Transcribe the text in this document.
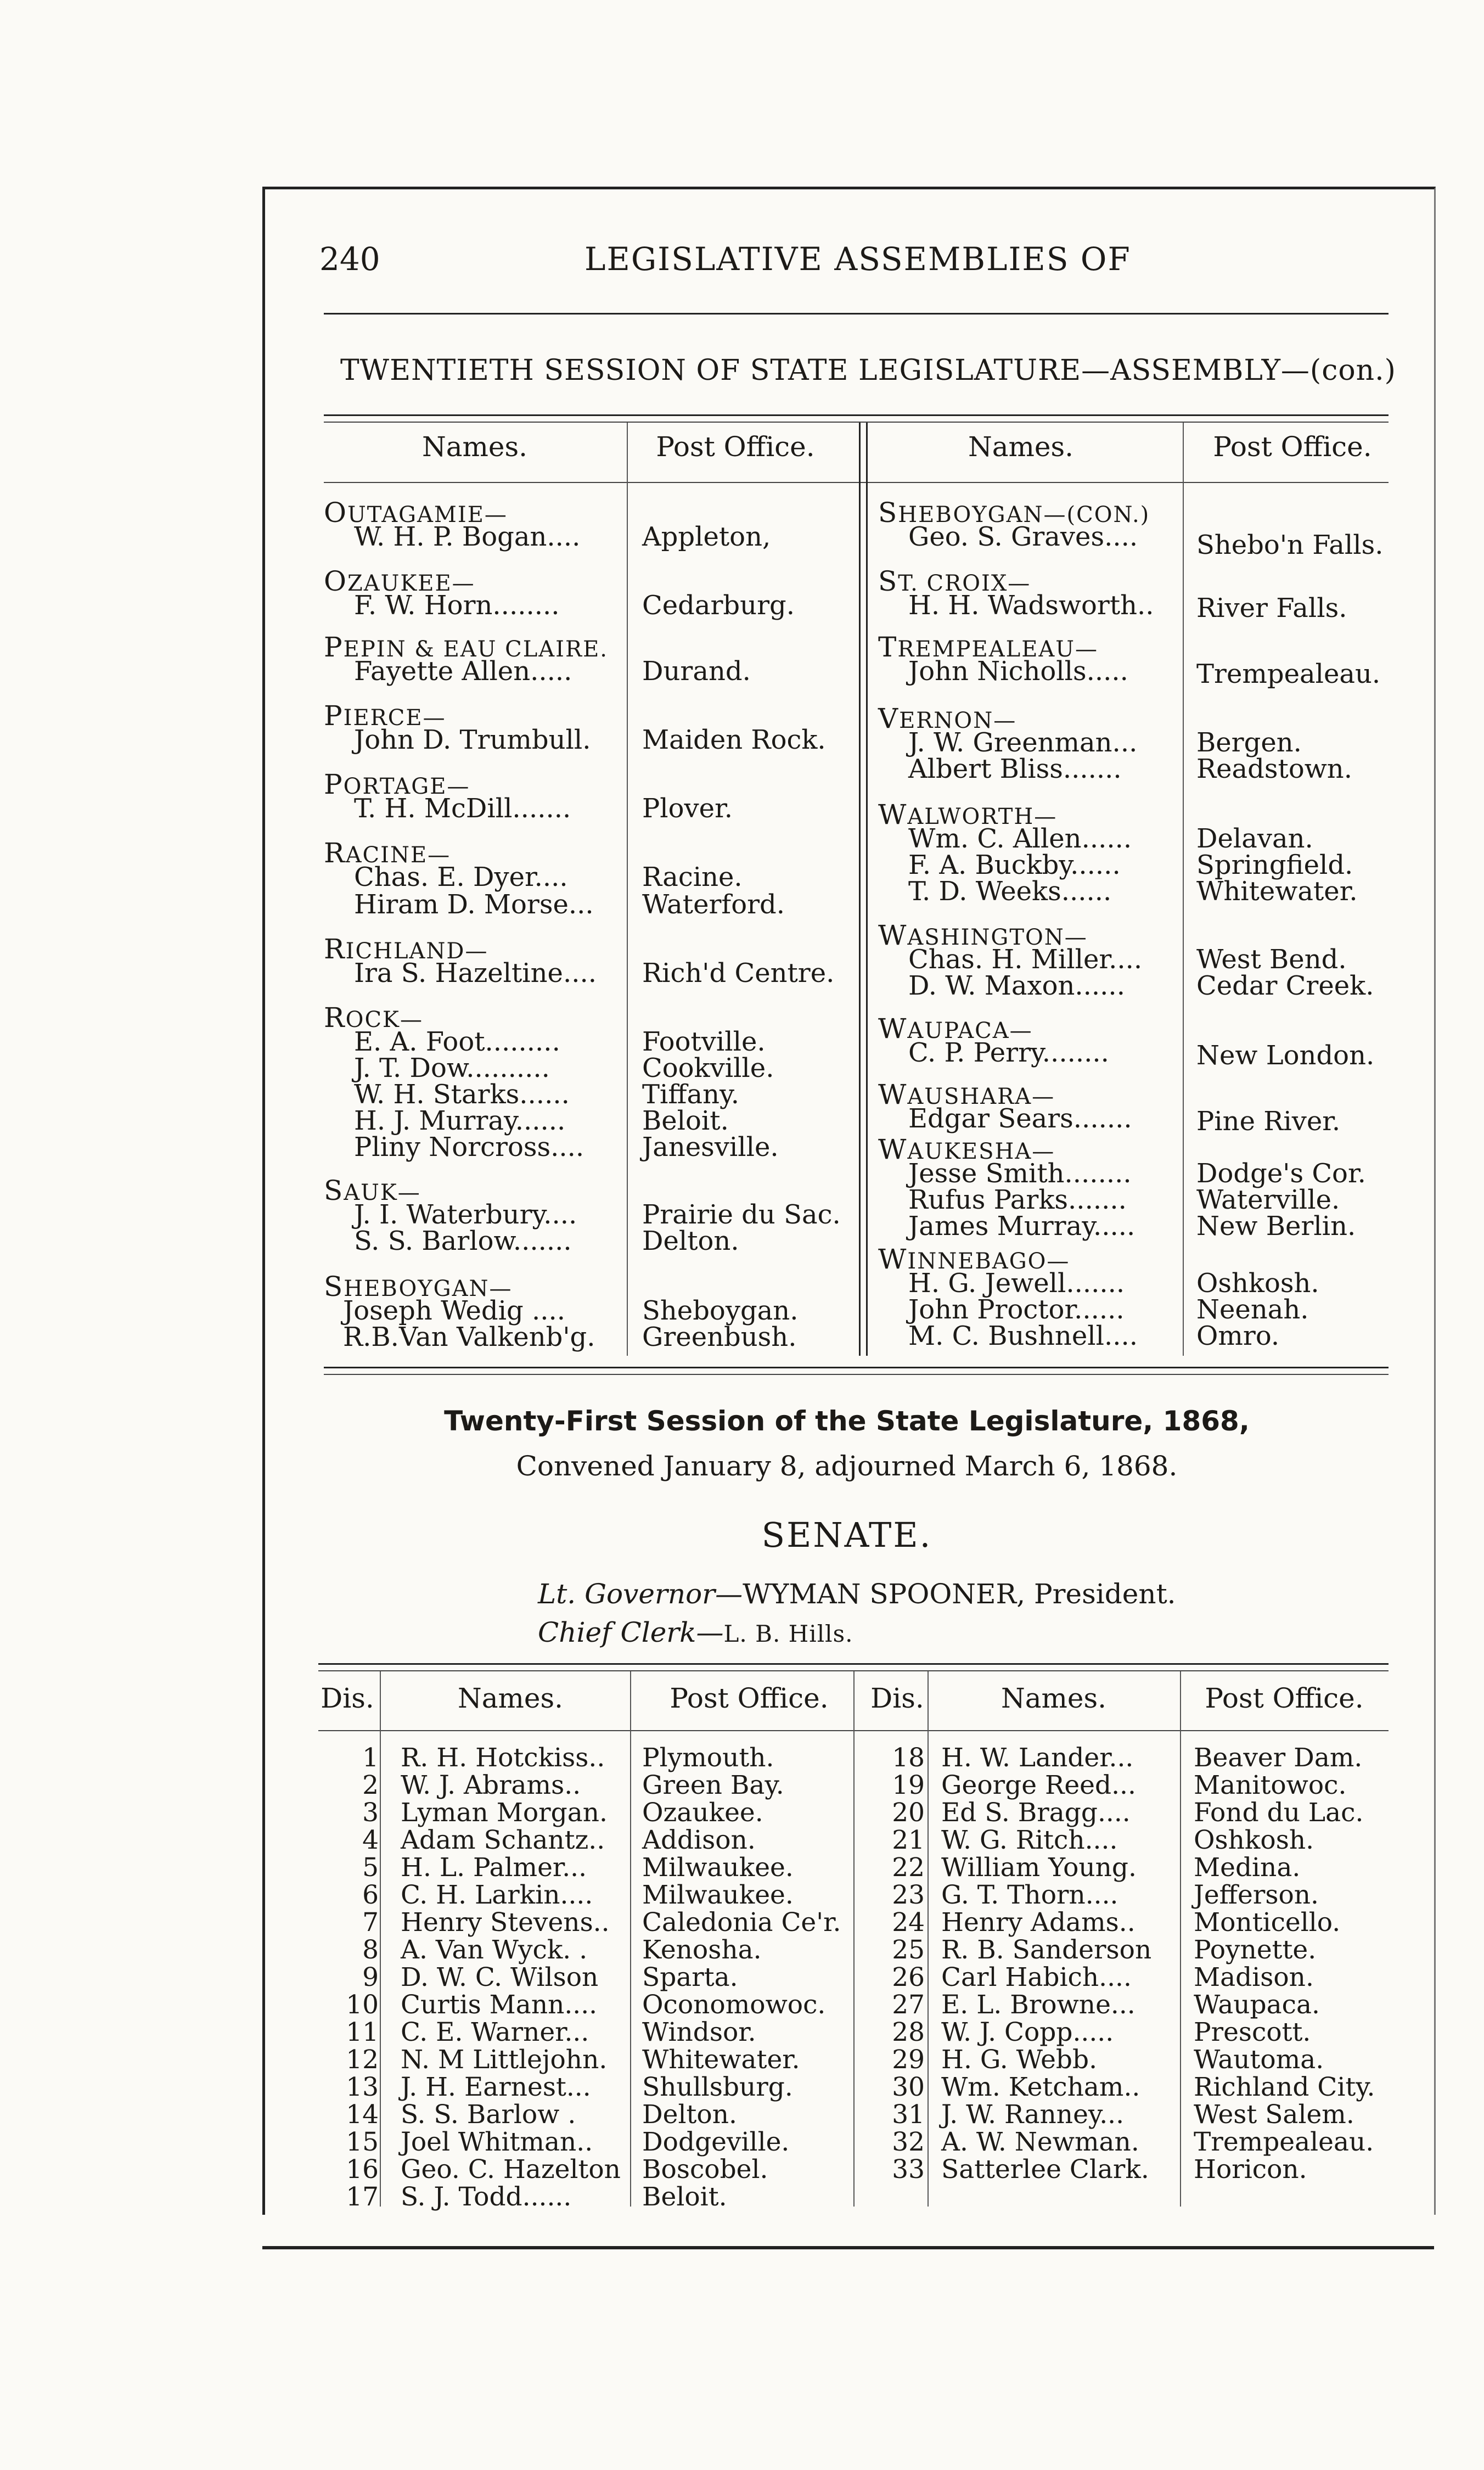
240	LEGISLATIVE ASSEMBLIES OF
TWENTIETH SESSION OF STATE LEGISLATURE—ASSEMBLY—(con.)
Names.	Post Office.	Names.	Post Office.
OUTAGAMIE—
W. H. P. Bogan.... Appleton,
OZAUKEE—
F. W. Horn........	Cedarburg.
PEPIN & EAU CLAIRE.
Fayette Allen.....	Durand.
PIERCE—
John D. Trumbull. Maiden Rock.
PORTAGE—
T. H. McDill.......	Plover.
RACINE—
Chas. E. Dyer....	Racine.
Hiram D. Morse... Waterford.
RICHLAND—
Ira S. Hazeltine.... Rich'd Centre.
ROCK—
E. A. Foot.........	Footville.
J. T. Dow..........	Cookville.
W. H. Starks......	Tiffany.
H. J. Murray......	Beloit.
Pliny Norcross.... Janesville.
SAUK—
J. I. Waterbury.... Prairie du Sac.
S. S. Barlow.......	Delton.
SHEBOYGAN—
Joseph Wedig ....	Sheboygan.
R.B.Van Valkenb'g. Greenbush.
SHEBOYGAN—(CON.)
Geo. S. Graves.... Shebo'n Falls.
ST. CROIX—
H. H. Wadsworth.. River Falls.
TREMPEALEAU—
John Nicholls.....	Trempealeau.
VERNON—
J. W. Greenman... Bergen.
Albert Bliss.......	Readstown.
WALWORTH—
Wm. C. Allen...... Delavan.
F. A. Buckby......	Springfield.
T. D. Weeks......	Whitewater.
WASHINGTON—
Chas. H. Miller.... West Bend.
D. W. Maxon......	Cedar Creek.
WAUPACA—
C. P. Perry........	New London.
WAUSHARA—
Edgar Sears....... Pine River.
WAUKESHA—
Jesse Smith........ Dodge's Cor.
Rufus Parks.......	Waterville.
James Murray..... New Berlin.
WINNEBAGO—
H. G. Jewell.......	Oshkosh.
John Proctor......	Neenah.
M. C. Bushnell.... Omro.
Twenty-First Session of the State Legislature, 1868,
Convened January 8, adjourned March 6, 1868.
SENATE.
Lt. Governor—WYMAN SPOONER, President.
Chief Clerk—L. B. Hills.
Dis.	Names.	Post Office.	Dis.	Names.	Post Office.
1 R. H. Hotckiss.. Plymouth.
2 W. J. Abrams.. Green Bay.
3 Lyman Morgan. Ozaukee.
4 Adam Schantz.. Addison.
5 H. L. Palmer... Milwaukee.
6 C. H. Larkin.... Milwaukee.
7 Henry Stevens.. Caledonia Ce'r.
8 A. Van Wyck. . Kenosha.
9 D. W. C. Wilson Sparta.
10 Curtis Mann.... Oconomowoc.
11 C. E. Warner... Windsor.
12 N. M Littlejohn. Whitewater.
13 J. H. Earnest... Shullsburg.
14 S. S. Barlow .	Delton.
15 Joel Whitman.. Dodgeville.
16 Geo. C. Hazelton Boscobel.
17 S. J. Todd......	Beloit.
18 H. W. Lander... Beaver Dam.
19 George Reed... Manitowoc.
20 Ed S. Bragg.... Fond du Lac.
21 W. G. Ritch....	Oshkosh.
22 William Young. Medina.
23 G. T. Thorn....	Jefferson.
24 Henry Adams.. Monticello.
25 R. B. Sanderson Poynette.
26 Carl Habich.... Madison.
27 E. L. Browne... Waupaca.
28 W. J. Copp.....	Prescott.
29 H. G. Webb.	Wautoma.
30 Wm. Ketcham.. Richland City.
31 J. W. Ranney...	West Salem.
32 A. W. Newman. Trempealeau.
33 Satterlee Clark. Horicon.
